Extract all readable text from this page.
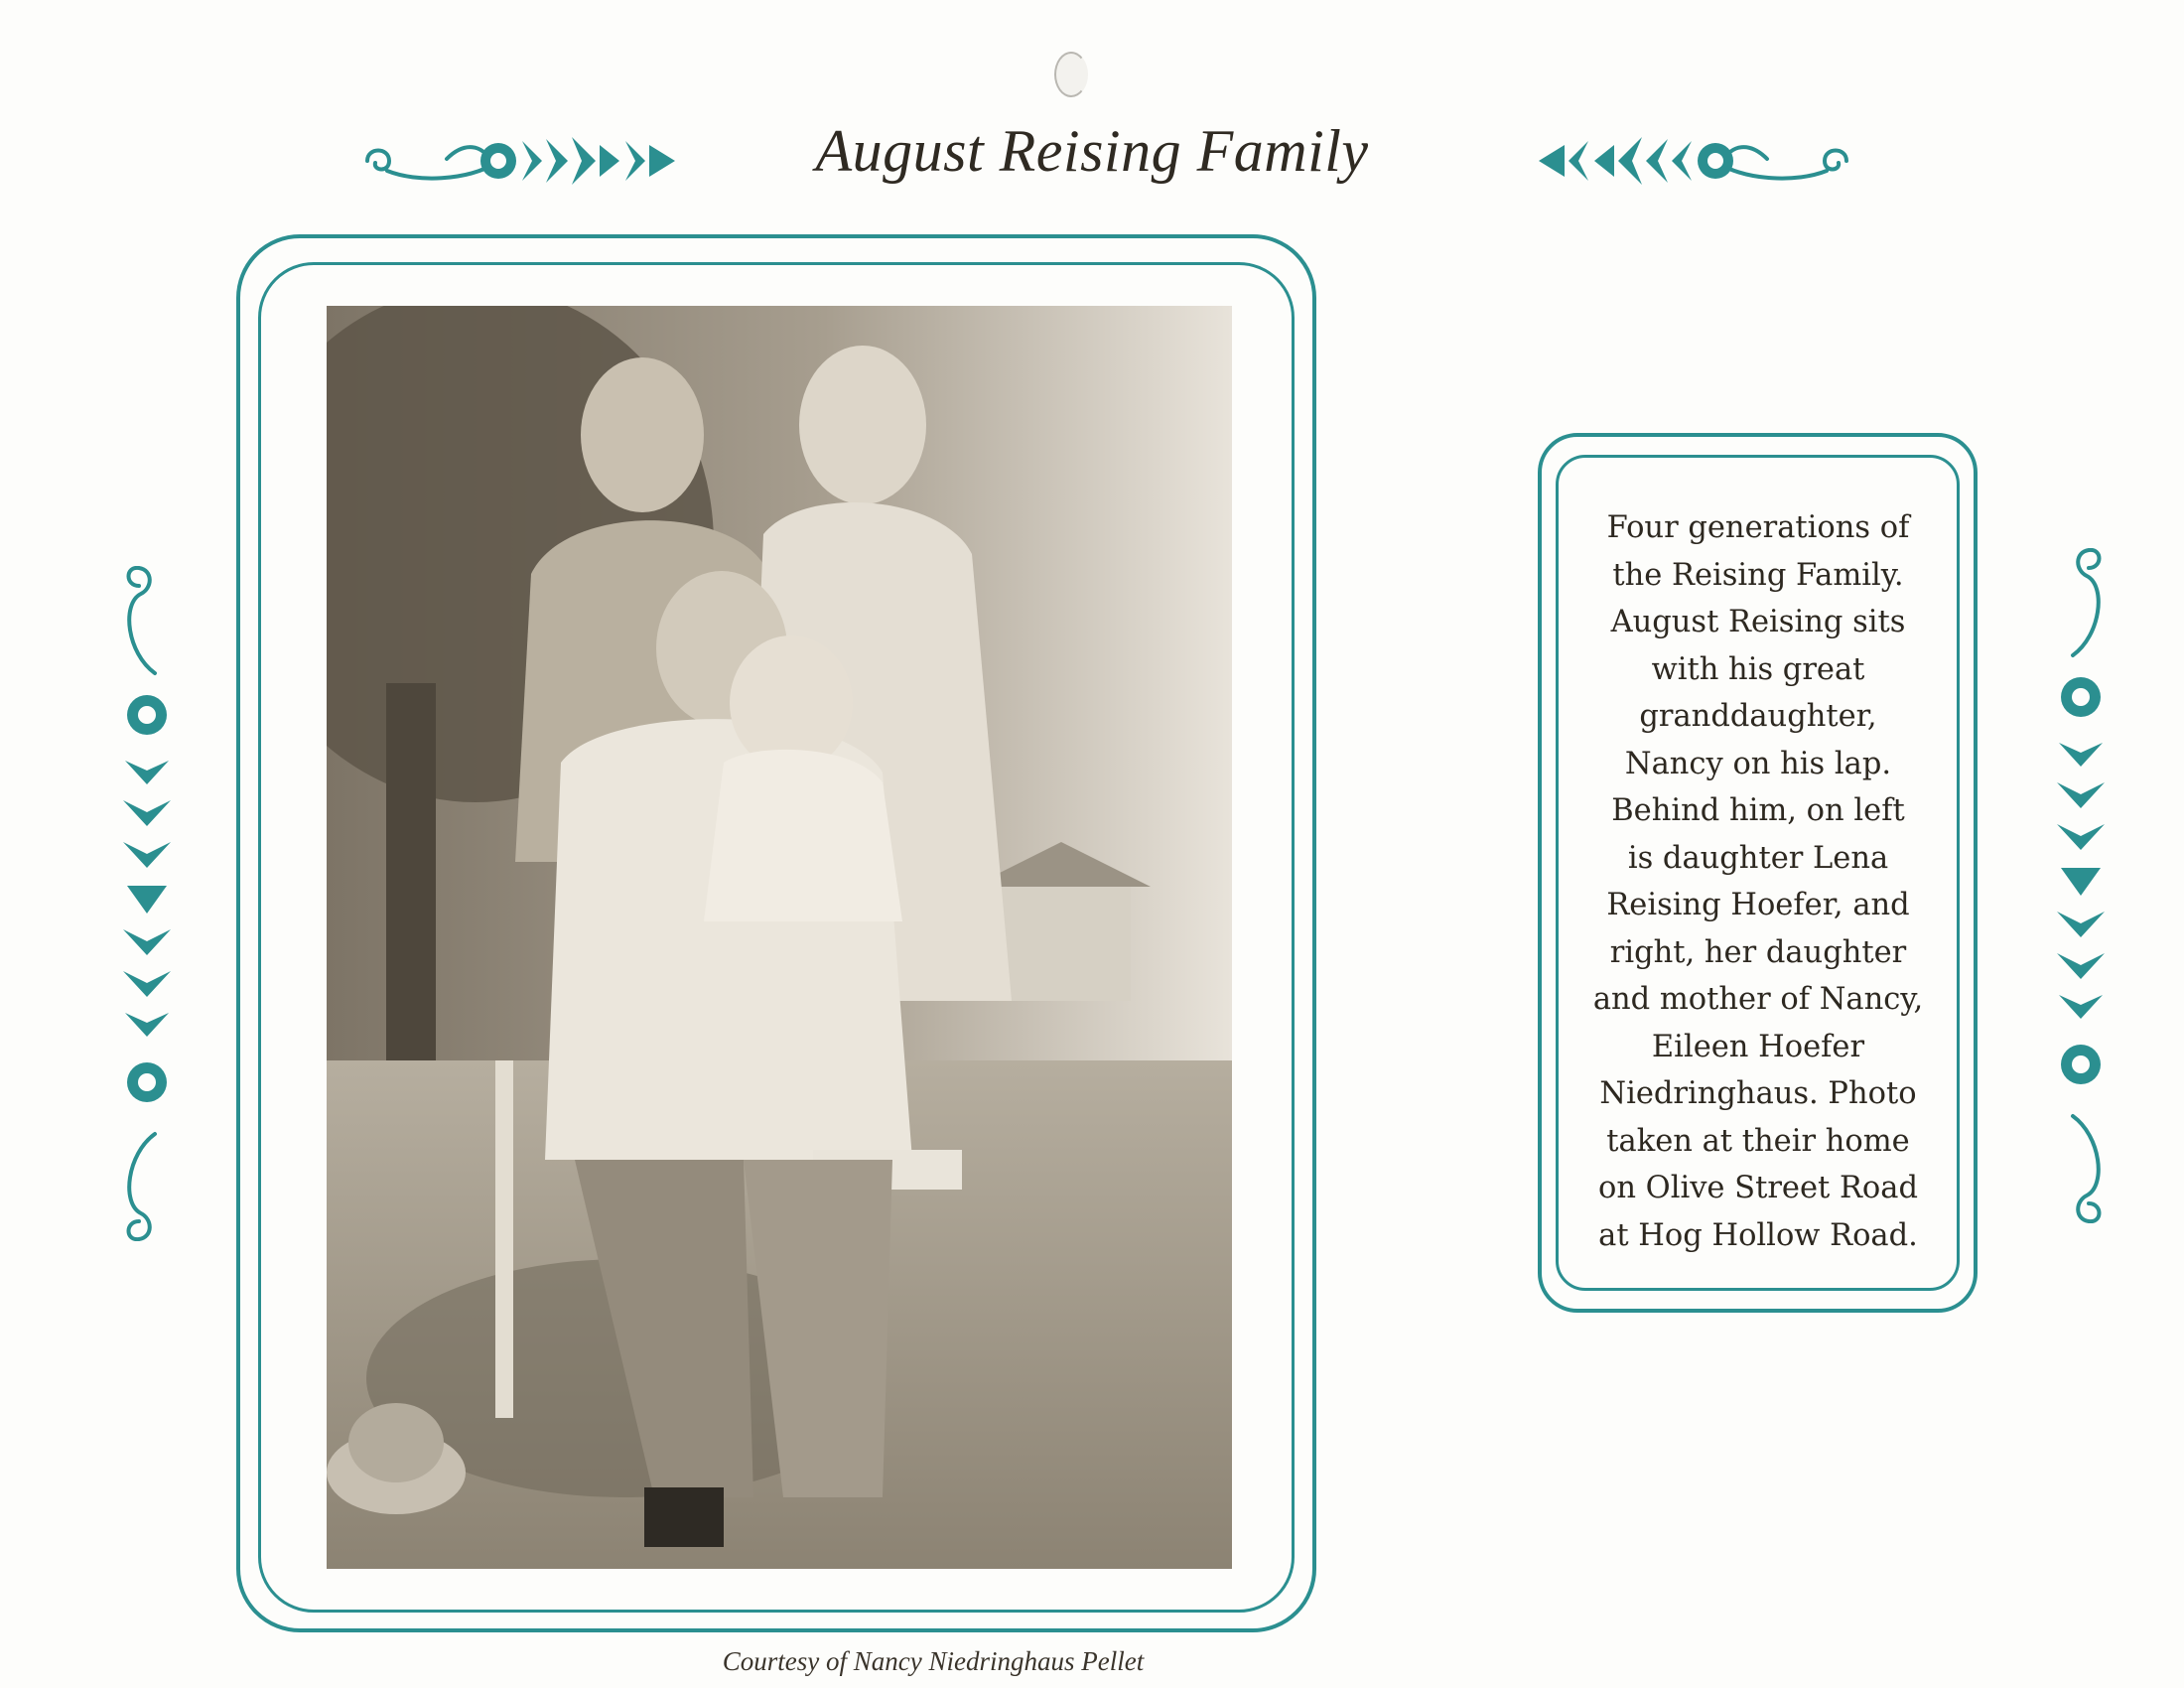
August Reising Family

Four generations of
the Reising Family.
August Reising sits
with his great
granddaughter,
Nancy on his lap.
Behind him, on left
is daughter Lena
Reising Hoefer, and
right, her daughter
and mother of Nancy,
Eileen Hoefer
Niedringhaus. Photo
taken at their home
on Olive Street Road
at Hog Hollow Road.

Courtesy of Nancy Niedringhaus Pellet
